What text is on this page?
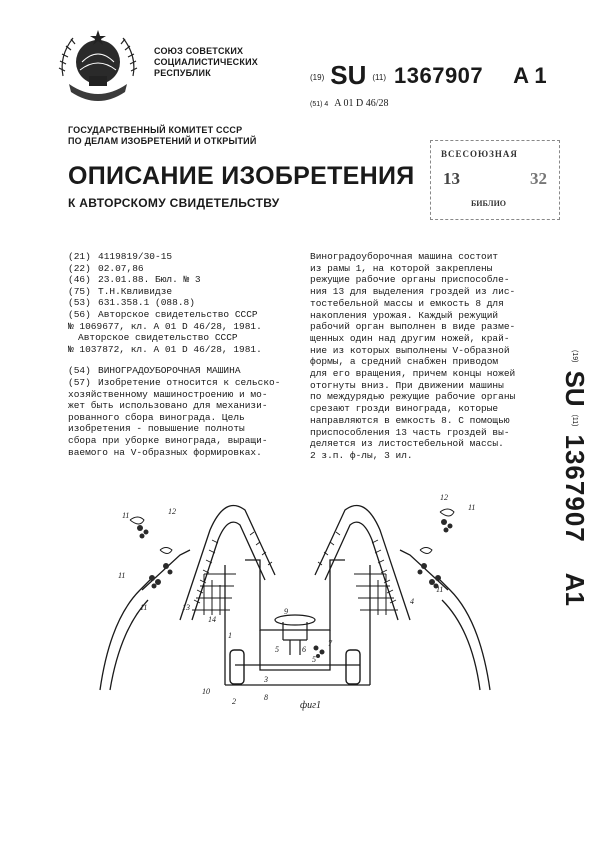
СОЮЗ СОВЕТСКИХ
СОЦИАЛИСТИЧЕСКИХ
РЕСПУБЛИК	(19) SU (11) 1367907 A 1
(51) 4 A 01 D 46/28
ГОСУДАРСТВЕННЫЙ КОМИТЕТ СССР
ПО ДЕЛАМ ИЗОБРЕТЕНИЙ И ОТКРЫТИЙ
ОПИСАНИЕ ИЗОБРЕТЕНИЯ
К АВТОРСКОМУ СВИДЕТЕЛЬСТВУ
ВСЕСОЮЗНАЯ
13	32
БИБЛИО
(21) 4119819/30-15
(22) 02.07,86
(46) 23.01.88. Бюл. № 3
(75) Т.Н.Квливидзе
(53) 631.358.1 (088.8)
(56) Авторское свидетельство СССР
№ 1069677, кл. А 01 D 46/28, 1981.
Авторское свидетельство СССР
№ 1037872, кл. А 01 D 46/28, 1981.
(54) ВИНОГРАДОУБОРОЧНАЯ МАШИНА
(57) Изобретение относится к сельско-
хозяйственному машиностроению и мо-
жет быть использовано для механизи-
рованного сбора винограда. Цель
изобретения - повышение полноты
сбора при уборке винограда, выращи-
ваемого на V-образных формировках.

Виноградоуборочная машина состоит

из рамы 1, на которой закреплены

режущие рабочие органы приспособле-

ния 13 для выделения гроздей из лис-

тостебельной массы и емкость 8 для

накопления урожая. Каждый режущий

рабочий орган выполнен в виде разме-

щенных один над другим ножей, край-

ние из которых выполнены V-образной

формы, а средний снабжен приводом

для его вращения, причем концы ножей

отогнуты вниз. При движении машины

по междурядью режущие рабочие органы

срезают грозди винограда, которые

направляются в емкость 8. С помощью

приспособления 13 часть гроздей вы-

деляется из листостебельной массы.

2 з.п. ф-лы, 3 ил.

(19)
SU
(11)
1367907
A1
11	12
11
11	13
14
1
10
2	8
3
9
5	6
5
7
11
12
4
11
фиг1
